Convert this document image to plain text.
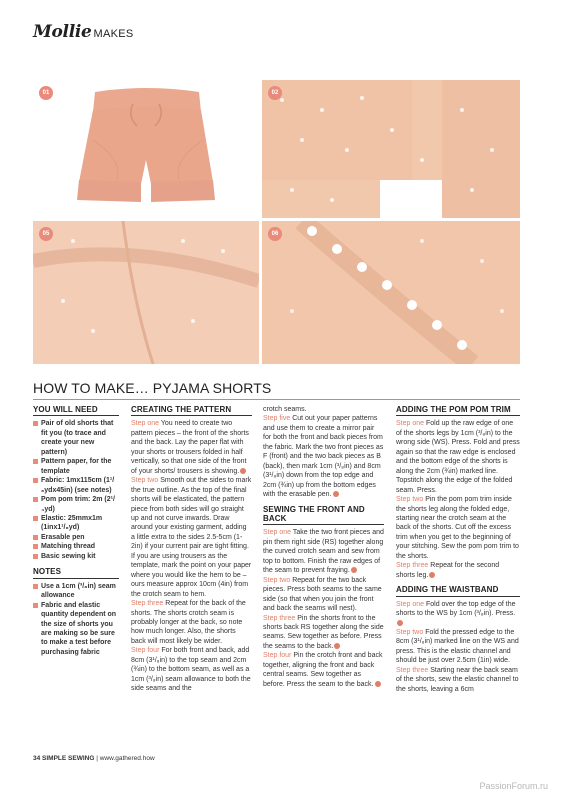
Mollie MAKES
01	02
05	06
HOW TO MAKE… PYJAMA SHORTS
YOU WILL NEED
Pair of old shorts that fit you (to trace and create your new pattern)
Pattern paper, for the template
Fabric: 1mx115cm (1¹/₈ydx45in) (see notes)
Pom pom trim: 2m (2¹/₄yd)
Elastic: 25mmx1m (1inx1¹/₈yd)
Erasable pen
Matching thread
Basic sewing kit
NOTES
Use a 1cm (³/₈in) seam allowance
Fabric and elastic quantity dependent on the size of shorts you are making so be sure to make a test before purchasing fabric
CREATING THE PATTERN

Step one You need to create two pattern pieces – the front of the shorts and the back. Lay the paper flat with your shorts or trousers folded in half vertically, so that one side of the front of your shorts/ trousers is showing.

Step two Smooth out the sides to mark the true outline. As the top of the final shorts will be elasticated, the pattern piece from both sides will go straight up and not curve inwards. Draw around your existing garment, adding a little extra to the sides 2.5-5cm (1-2in) if your current pair are tight fitting. If you are using trousers as the template, mark the point on your paper where you would like the hem to be – ours measure approx 10cm (4in) from the crotch seam to hem.

Step three Repeat for the back of the shorts. The shorts crotch seam is probably longer at the back, so note how much longer. Also, the shorts back will most likely be wider.

Step four For both front and back, add 8cm (3¹/₈in) to the top seam and 2cm (¾in) to the bottom seam, as well as a 1cm (³/₈in) seam allowance to both the side seams and the

crotch seams.

Step five Cut out your paper patterns and use them to create a mirror pair for both the front and back pieces from the fabric. Mark the two front pieces as F (front) and the two back pieces as B (back), then mark 1cm (³/₈in) and 8cm (3¹/₈in) down from the top edge and 2cm (¾in) up from the bottom edges with the erasable pen.

SEWING THE FRONT AND BACK

Step one Take the two front pieces and pin them right side (RS) together along the curved crotch seam and sew from top to bottom. Finish the raw edges of the seam to prevent fraying.

Step two Repeat for the two back pieces. Press both seams to the same side (so that when you join the front and back the seams will nest).

Step three Pin the shorts front to the shorts back RS together along the side seams. Sew together as before. Press the seams to the back.

Step four Pin the crotch front and back together, aligning the front and back central seams. Sew together as before. Press the seam to the back.

ADDING THE POM POM TRIM

Step one Fold up the raw edge of one of the shorts legs by 1cm (³/₈in) to the wrong side (WS). Press. Fold and press again so that the raw edge is enclosed and the bottom edge of the shorts is along the 2cm (¾in) marked line. Topstitch along the edge of the folded seam. Press.

Step two Pin the pom pom trim inside the shorts leg along the folded edge, starting near the crotch seam at the back of the shorts. Cut off the excess trim when you get to the beginning of your stitching. Sew the pom pom trim to the shorts.

Step three Repeat for the second shorts leg.

ADDING THE WAISTBAND

Step one Fold over the top edge of the shorts to the WS by 1cm (³/₈in). Press.

Step two Fold the pressed edge to the 8cm (3¹/₈in) marked line on the WS and press. This is the elastic channel and should be just over 2.5cm (1in) wide.

Step three Starting near the back seam of the shorts, sew the elastic channel to the shorts, leaving a 6cm

34 SIMPLE SEWING | www.gathered.how
PassionForum.ru
